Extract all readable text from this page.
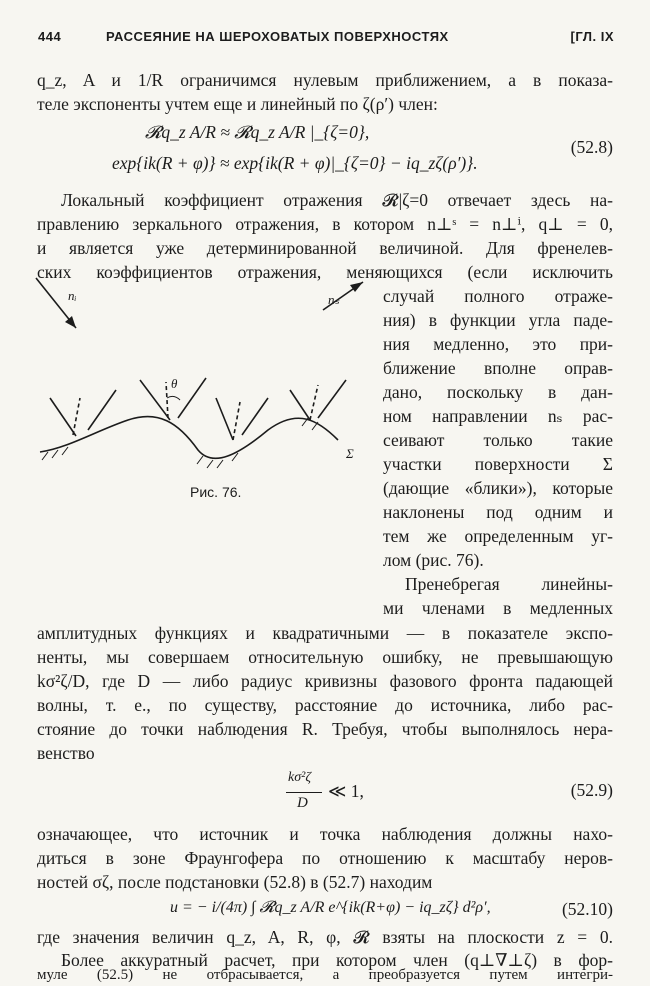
444	РАССЕЯНИЕ НА ШЕРОХОВАТЫХ ПОВЕРХНОСТЯХ	[ГЛ. IX

q_z, A и 1/R ограничимся нулевым приближением, а в показа-

теле экспоненты учтем еще и линейный по ζ(ρ′) член:

𝓡q_z A/R ≈ 𝓡q_z A/R |_{ζ=0},
exp{ik(R + φ)} ≈ exp{ik(R + φ)|_{ζ=0} − iq_zζ(ρ′)}.
(52.8)

Локальный коэффициент отражения 𝓡|ζ=0 отвечает здесь на-

правлению зеркального отражения, в котором n⊥ˢ = n⊥ⁱ, q⊥ = 0,

и является уже детерминированной величиной. Для френелев-

ских коэффициентов отражения, меняющихся (если исключить

nᵢ	nₛ
θ
Σ
Рис. 76.

случай полного отраже-

ния) в функции угла паде-

ния медленно, это при-

ближение вполне оправ-

дано, поскольку в дан-

ном направлении nₛ рас-

сеивают только такие

участки поверхности Σ

(дающие «блики»), которые

наклонены под одним и

тем же определенным уг-

лом (рис. 76).

Пренебрегая линейны-

ми членами в медленных

амплитудных функциях и квадратичными — в показателе экспо-

ненты, мы совершаем относительную ошибку, не превышающую

kσ²ζ/D, где D — либо радиус кривизны фазового фронта падающей

волны, т. е., по существу, расстояние до источника, либо рас-

стояние до точки наблюдения R. Требуя, чтобы выполнялось нера-

венство

kσ²ζ
D
≪ 1,	(52.9)

означающее, что источник и точка наблюдения должны нахо-

диться в зоне Фраунгофера по отношению к масштабу неров-

ностей σζ, после подстановки (52.8) в (52.7) находим

u = − i/(4π) ∫ 𝓡q_z A/R e^{ik(R+φ) − iq_zζ} d²ρ′,	(52.10)

где значения величин q_z, A, R, φ, 𝓡 взяты на плоскости z = 0.

Более аккуратный расчет, при котором член (q⊥∇⊥ζ) в фор-

муле (52.5) не отбрасывается, а преобразуется путем интегри-
